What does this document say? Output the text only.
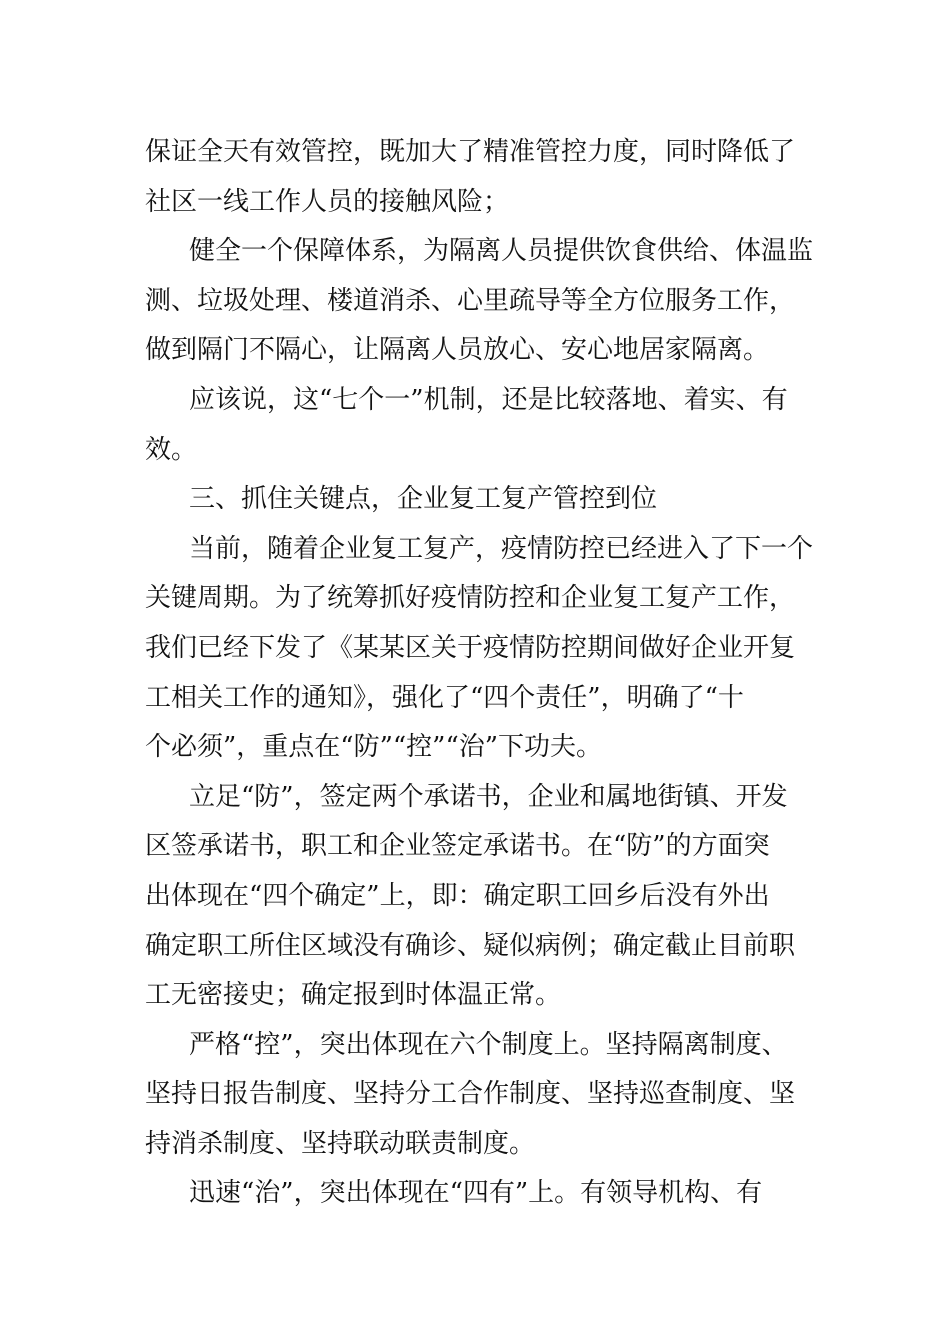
保证全天有效管控，既加大了精准管控力度，同时降低了
社区一线工作人员的接触风险；
健全一个保障体系，为隔离人员提供饮食供给、体温监
测、垃圾处理、楼道消杀、心里疏导等全方位服务工作，
做到隔门不隔心，让隔离人员放心、安心地居家隔离。
应该说，这“七个一”机制，还是比较落地、着实、有
效。
三、抓住关键点，企业复工复产管控到位
当前，随着企业复工复产，疫情防控已经进入了下一个
关键周期。为了统筹抓好疫情防控和企业复工复产工作，
我们已经下发了《某某区关于疫情防控期间做好企业开复
工相关工作的通知》，强化了“四个责任”，明确了“十
个必须”，重点在“防”“控”“治”下功夫。
立足“防”，签定两个承诺书，企业和属地街镇、开发
区签承诺书，职工和企业签定承诺书。在“防”的方面突
出体现在“四个确定”上，即：确定职工回乡后没有外出
确定职工所住区域没有确诊、疑似病例；确定截止目前职
工无密接史；确定报到时体温正常。
严格“控”，突出体现在六个制度上。坚持隔离制度、
坚持日报告制度、坚持分工合作制度、坚持巡查制度、坚
持消杀制度、坚持联动联责制度。
迅速“治”，突出体现在“四有”上。有领导机构、有
